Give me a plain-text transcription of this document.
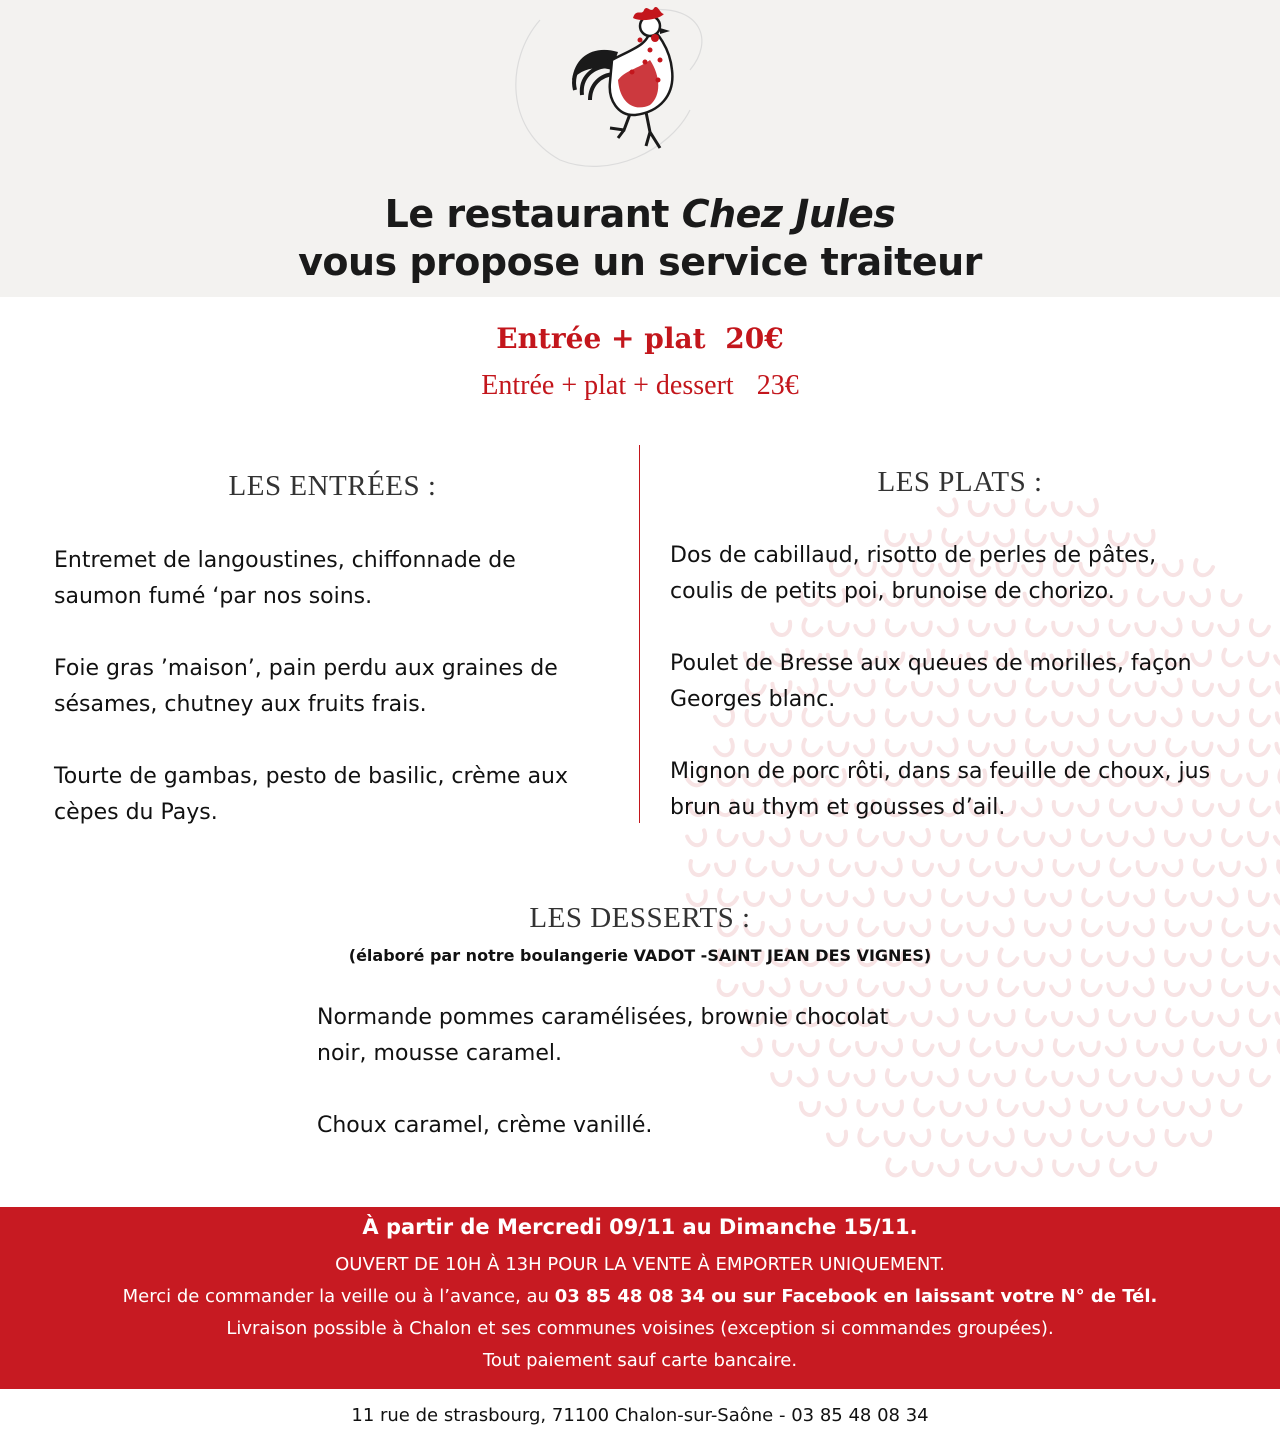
Le restaurant Chez Jules
vous propose un service traiteur
Entrée + plat 20€
Entrée + plat + dessert 23€
LES ENTRÉES :	LES PLATS :
Entremet de langoustines, chiffonnade de
saumon fumé ‘par nos soins.
Foie gras ’maison’, pain perdu aux graines de
sésames, chutney aux fruits frais.
Tourte de gambas, pesto de basilic, crème aux
cèpes du Pays.
Dos de cabillaud, risotto de perles de pâtes,
coulis de petits poi, brunoise de chorizo.
Poulet de Bresse aux queues de morilles, façon
Georges blanc.
Mignon de porc rôti, dans sa feuille de choux, jus
brun au thym et gousses d’ail.
LES DESSERTS :
(élaboré par notre boulangerie VADOT -SAINT JEAN DES VIGNES)
Normande pommes caramélisées, brownie chocolat
noir, mousse caramel.
Choux caramel, crème vanillé.
À partir de Mercredi 09/11 au Dimanche 15/11.
OUVERT DE 10H À 13H POUR LA VENTE À EMPORTER UNIQUEMENT.
Merci de commander la veille ou à l’avance, au 03 85 48 08 34 ou sur Facebook en laissant votre N° de Tél.
Livraison possible à Chalon et ses communes voisines (exception si commandes groupées).
Tout paiement sauf carte bancaire.
11 rue de strasbourg, 71100 Chalon-sur-Saône - 03 85 48 08 34
